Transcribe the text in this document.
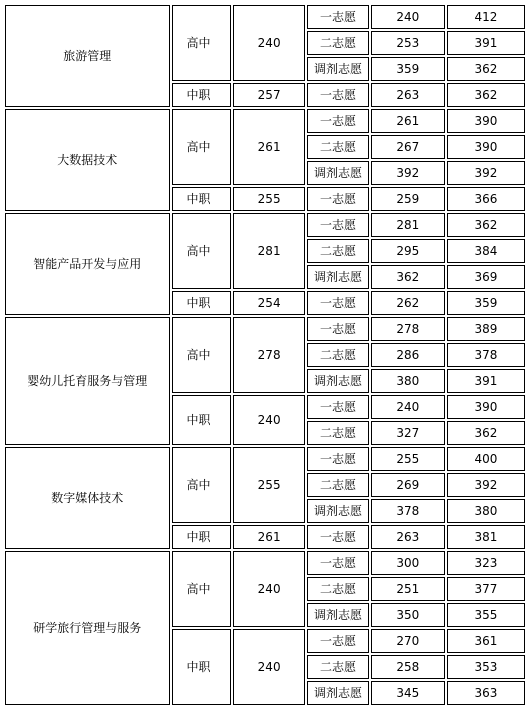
旅游管理	高中	240	一志愿	240	412
			二志愿	253	391
			调剂志愿	359	362
	中职	257	一志愿	263	362
大数据技术	高中	261	一志愿	261	390
			二志愿	267	390
			调剂志愿	392	392
	中职	255	一志愿	259	366
智能产品开发与应用	高中	281	一志愿	281	362
			二志愿	295	384
			调剂志愿	362	369
	中职	254	一志愿	262	359
婴幼儿托育服务与管理	高中	278	一志愿	278	389
			二志愿	286	378
			调剂志愿	380	391
	中职	240	一志愿	240	390
			二志愿	327	362
数字媒体技术	高中	255	一志愿	255	400
			二志愿	269	392
			调剂志愿	378	380
	中职	261	一志愿	263	381
研学旅行管理与服务	高中	240	一志愿	300	323
			二志愿	251	377
			调剂志愿	350	355
	中职	240	一志愿	270	361
			二志愿	258	353
			调剂志愿	345	363
